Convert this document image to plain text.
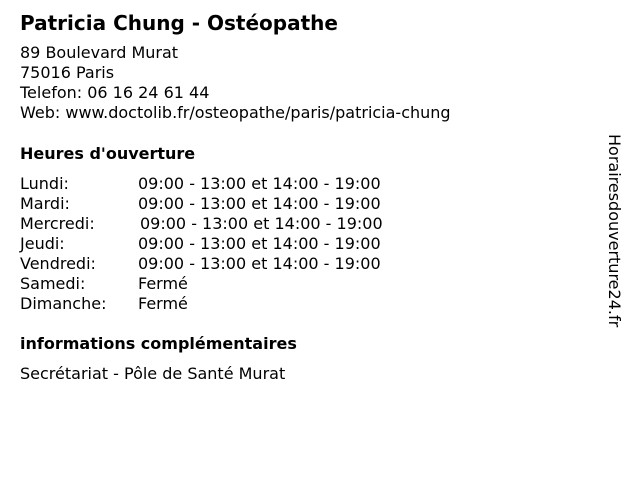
Patricia Chung - Ostéopathe
89 Boulevard Murat
75016 Paris
Telefon: 06 16 24 61 44
Web: www.doctolib.fr/osteopathe/paris/patricia-chung
Heures d'ouverture
Lundi:	09:00 - 13:00 et 14:00 - 19:00
Mardi:	09:00 - 13:00 et 14:00 - 19:00
Mercredi:	09:00 - 13:00 et 14:00 - 19:00
Jeudi:	09:00 - 13:00 et 14:00 - 19:00
Vendredi:	09:00 - 13:00 et 14:00 - 19:00
Samedi:	Fermé
Dimanche: Fermé
informations complémentaires
Secrétariat - Pôle de Santé Murat
Horairesdouverture24.fr
